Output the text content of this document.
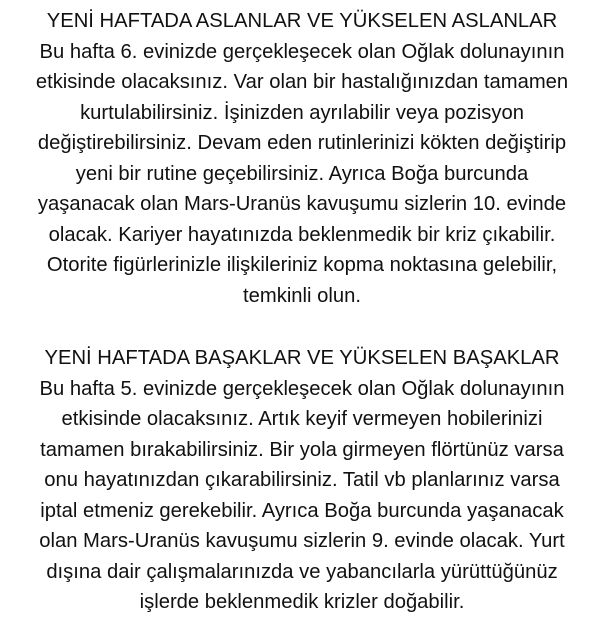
YENİ HAFTADA ASLANLAR VE YÜKSELEN ASLANLAR
Bu hafta 6. evinizde gerçekleşecek olan Oğlak dolunayının
etkisinde olacaksınız. Var olan bir hastalığınızdan tamamen
kurtulabilirsiniz. İşinizden ayrılabilir veya pozisyon
değiştirebilirsiniz. Devam eden rutinlerinizi kökten değiştirip
yeni bir rutine geçebilirsiniz. Ayrıca Boğa burcunda
yaşanacak olan Mars-Uranüs kavuşumu sizlerin 10. evinde
olacak. Kariyer hayatınızda beklenmedik bir kriz çıkabilir.
Otorite figürlerinizle ilişkileriniz kopma noktasına gelebilir,
temkinli olun.
YENİ HAFTADA BAŞAKLAR VE YÜKSELEN BAŞAKLAR
Bu hafta 5. evinizde gerçekleşecek olan Oğlak dolunayının
etkisinde olacaksınız. Artık keyif vermeyen hobilerinizi
tamamen bırakabilirsiniz. Bir yola girmeyen flörtünüz varsa
onu hayatınızdan çıkarabilirsiniz. Tatil vb planlarınız varsa
iptal etmeniz gerekebilir. Ayrıca Boğa burcunda yaşanacak
olan Mars-Uranüs kavuşumu sizlerin 9. evinde olacak. Yurt
dışına dair çalışmalarınızda ve yabancılarla yürüttüğünüz
işlerde beklenmedik krizler doğabilir.
